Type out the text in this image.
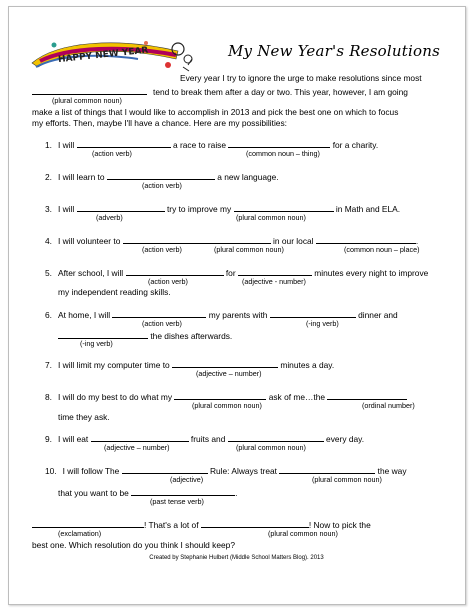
HAPPY NEW YEAR	My New Year's Resolutions
Every year I try to ignore the urge to make resolutions since most
tend to break them after a day or two. This year, however, I am going
(plural common noun)
make a list of things that I would like to accomplish in 2013 and pick the best one on which to focus
my efforts. Then, maybe I'll have a chance. Here are my possibilities:
1. I will	a race to raise	for a charity.
(action verb)	(common noun – thing)
2. I will learn to	a new language.
(action verb)
3. I will	try to improve my	in Math and ELA.
(adverb)	(plural common noun)
4. I will volunteer to	in our local	.
(action verb)	(plural common noun)	(common noun – place)
5. After school, I will	for	minutes every night to improve
(action verb)	(adjective - number)
my independent reading skills.
6. At home, I will	my parents with	dinner and
(action verb)	(-ing verb)
the dishes afterwards.
(-ing verb)
7. I will limit my computer time to	minutes a day.
(adjective – number)
8. I will do my best to do what my	ask of me…the
(plural common noun)	(ordinal number)
time they ask.
9. I will eat	fruits and	every day.
(adjective – number)	(plural common noun)
10. I will follow The	Rule: Always treat	the way
(adjective)	(plural common noun)
that you want to be	.
(past tense verb)
! That's a lot of	! Now to pick the
(exclamation)	(plural common noun)
best one. Which resolution do you think I should keep?
Created by Stephanie Hulbert (Middle School Matters Blog). 2013
